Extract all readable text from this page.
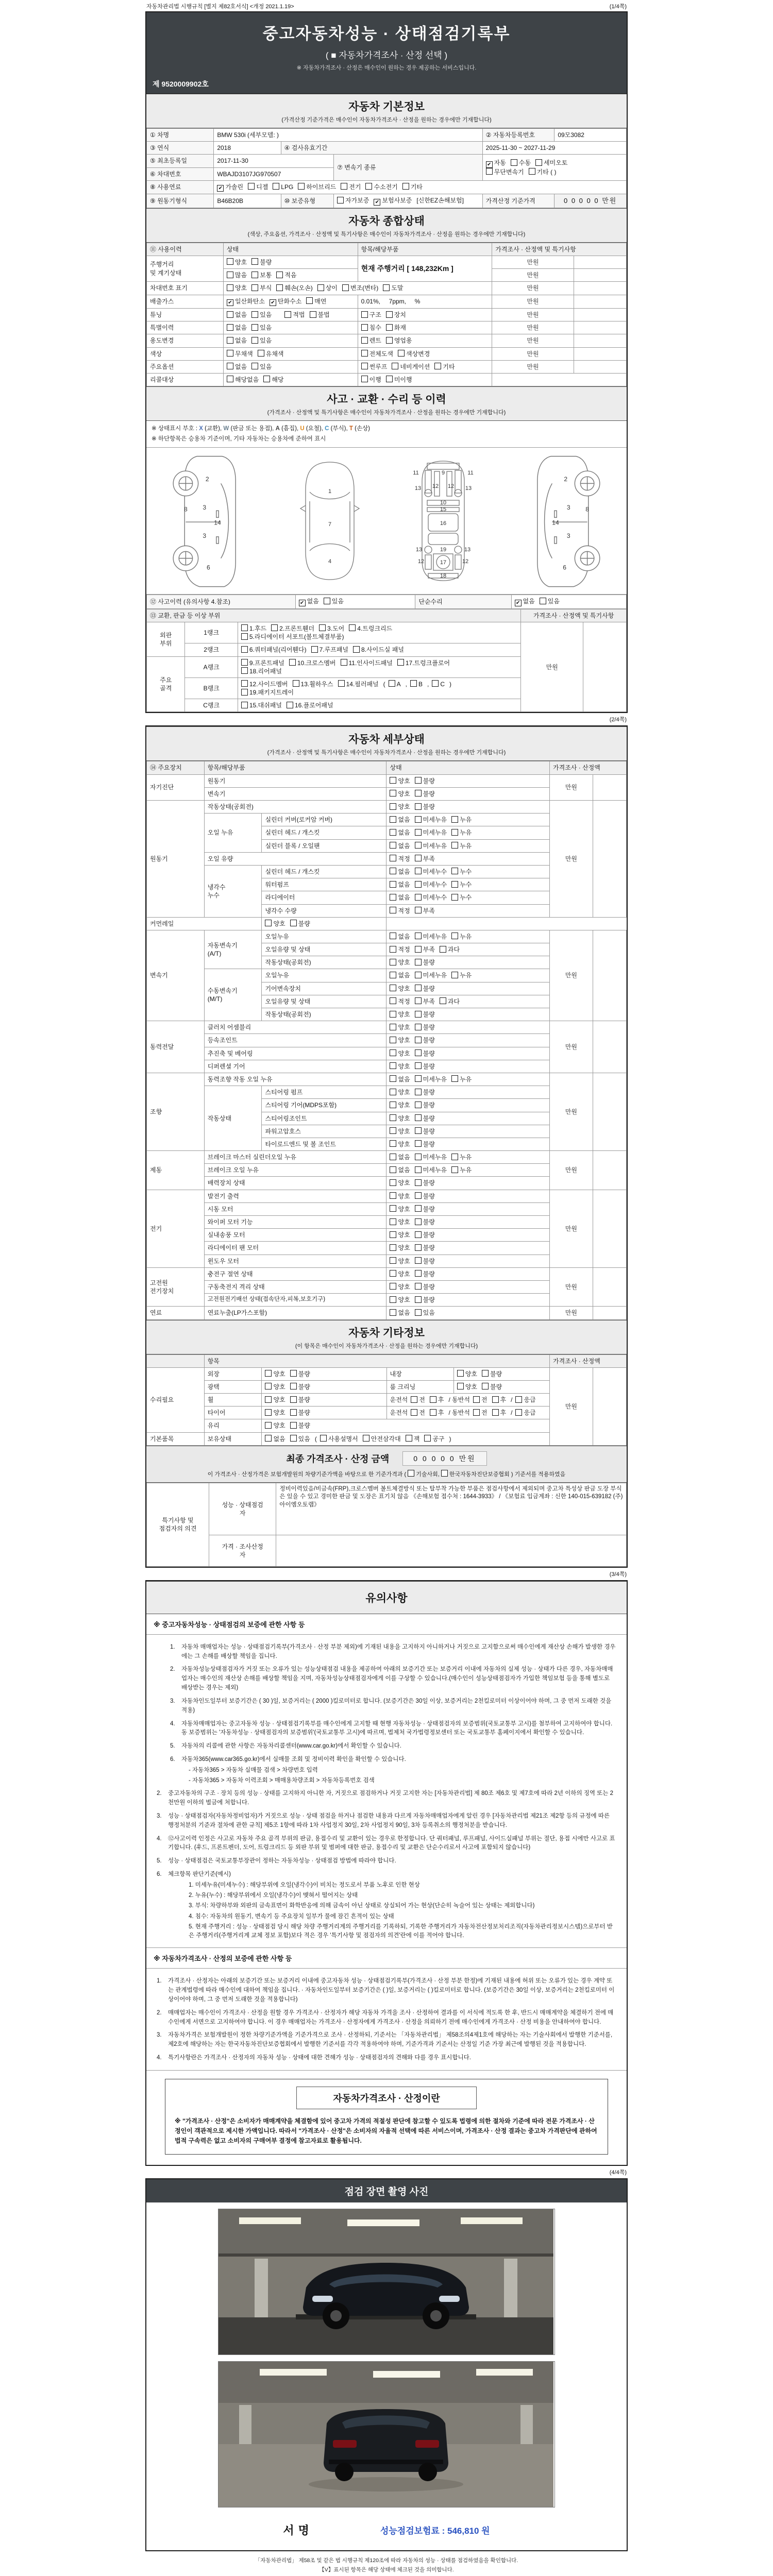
자동차관리법 시행규칙 [별지 제82호서식] <개정 2021.1.19>	(1/4쪽)
중고자동차성능 · 상태점검기록부
( ■ 자동차가격조사 · 산정 선택 )
※ 자동차가격조사 · 산정은 매수인이 원하는 경우 제공하는 서비스입니다.
제 9520009902호
자동차 기본정보
(가격산정 기준가격은 매수인이 자동차가격조사 · 산정을 원하는 경우에만 기재합니다)
① 차명	BMW 530i (세부모델: )			② 자동차등록번호	09모3082
③ 연식	2018	④ 검사유효기간		2025-11-30 ~ 2027-11-29	
⑤ 최초등록일	2017-11-30		⑦ 변속기 종류	✔ 자동 수동 세미오토
무단변속기 기타 ( )	
⑥ 차대번호	WBAJD3107JG970507				
⑧ 사용연료	✔ 가솔린 디젤 LPG 하이브리드 전기 수소전기 기타				
⑨ 원동기형식	B46B20B	⑩ 보증유형	자가보증 ✔ 보험사보증 [신한EZ손해보험]	가격산정 기준가격	0 0 0 0 0 만원
자동차 종합상태
(색상, 주요옵션, 가격조사 · 산정액 및 특기사항은 매수인이 자동차가격조사 · 산정을 원하는 경우에만 기재합니다)
⑪ 사용이력	상태	항목/해당부품	가격조사 · 산정액 및 특기사항	
주행거리
및 계기상태	양호 불량	현재 주행거리 [ 148,232Km ]	만원	
	많음 보통 적음		만원	
차대번호 표기	양호 부식 훼손(오손) 상이 변조(변타) 도말		만원	
배출가스	✔ 일산화탄소 ✔ 탄화수소 매연	0.01%,     7ppm,     %	만원	
튜닝	없음 있음 적법 불법	구조 장치	만원	
특별이력	없음 있음	침수 화재	만원	
용도변경	없음 있음	렌트 영업용	만원	
색상	무채색 유채색	전체도색 색상변경	만원	
주요옵션	없음 있음	썬루프 네비게이션 기타	만원	
리콜대상	해당없음 해당	이행 미이행		
사고 · 교환 · 수리 등 이력
(가격조사 · 산정액 및 특기사항은 매수인이 자동차가격조사 · 산정을 원하는 경우에만 기재합니다)
※ 상태표시 부호 : X (교환), W (판금 또는 용접), A (흠집), U (요철), C (부식), T (손상)
※ 하단항목은 승용차 기준이며, 기타 자동차는 승용차에 준하여 표시
2
8	3
14
3
6
1
7
4
11	9	11
13 12 12 13
10
15
16
13	19	13
12	17	12
18
2
8
3
14
3
6
⑫ 사고이력 (유의사항 4.참조)	✔ 없음 있음	단순수리	✔ 없음 있음
⑬ 교환, 판금 등 이상 부위			가격조사 · 산정액 및 특기사항	
외판
부위	1랭크	1.후드 2.프론트휀더 3.도어 4.트렁크리드
5.라디에이터 서포트(볼트체결부품)	만원	
	2랭크	6.쿼터패널(리어휀다) 7.루프패널 8.사이드실 패널		
주요
골격	A랭크	9.프론트패널 10.크로스멤버 11.인사이드패널 17.트렁크플로어
18.리어패널		
	B랭크	12.사이드멤버 13.휠하우스 14.필러패널 ( A , B , C )
19.패키지트레이		
	C랭크	15.대쉬패널 16.플로어패널		
(2/4쪽)
자동차 세부상태
(가격조사 · 산정액 및 특기사항은 매수인이 자동차가격조사 · 산정을 원하는 경우에만 기재합니다)
⑭ 주요장치	항목/해당부품		상태	가격조사 · 산정액	
자기진단	원동기		양호 불량	만원	
	변속기		양호 불량		
원동기	작동상태(공회전)		양호 불량	만원	
	오일 누유	실린더 커버(로커암 커버)	없음 미세누유 누유		
		실린더 헤드 / 개스킷	없음 미세누유 누유		
		실린더 블록 / 오일팬	없음 미세누유 누유		
	오일 유량		적정 부족		
	냉각수
누수	실린더 헤드 / 개스킷	없음 미세누수 누수		
		워터펌프	없음 미세누수 누수		
		라디에이터	없음 미세누수 누수		
		냉각수 수량	적정 부족		
커먼레일		양호 불량			
변속기	자동변속기
(A/T)	오일누유	없음 미세누유 누유	만원	
		오일유량 및 상태	적정 부족 과다		
		작동상태(공회전)	양호 불량		
	수동변속기
(M/T)	오일누유	없음 미세누유 누유		
		기어변속장치	양호 불량		
		오일유량 및 상태	적정 부족 과다		
		작동상태(공회전)	양호 불량		
동력전달	클러치 어셈블리		양호 불량	만원	
	등속조인트		양호 불량		
	추진축 및 베어링		양호 불량		
	디퍼렌셜 기어		양호 불량		
조향	동력조향 작동 오일 누유		없음 미세누유 누유	만원	
	작동상태	스티어링 펌프	양호 불량		
		스티어링 기어(MDPS포함)	양호 불량		
		스티어링조인트	양호 불량		
		파워고압호스	양호 불량		
		타이로드엔드 및 볼 조인트	양호 불량		
제동	브레이크 마스터 실린더오일 누유		없음 미세누유 누유	만원	
	브레이크 오일 누유		없음 미세누유 누유		
	배력장치 상태		양호 불량		
전기	발전기 출력		양호 불량	만원	
	시동 모터		양호 불량		
	와이퍼 모터 기능		양호 불량		
	실내송풍 모터		양호 불량		
	라디에이터 팬 모터		양호 불량		
	윈도우 모터		양호 불량		
고전원
전기장치	충전구 절연 상태		양호 불량	만원	
	구동축전지 격리 상태		양호 불량		
	고전원전기배선 상태(접속단자,피복,보호기구)		양호 불량		
연료	연료누출(LP가스포함)		없음 있음	만원	
자동차 기타정보
(이 항목은 매수인이 자동차가격조사 · 산정을 원하는 경우에만 기재합니다)
	항목				가격조사 · 산정액	
수리필요	외장	양호 불량	내장	양호 불량	만원	
	광택	양호 불량	룸 크리닝	양호 불량		
	휠	양호 불량	운전석 전 후 / 동반석 전 후 / 응급			
	타이어	양호 불량	운전석 전 후 / 동반석 전 후 / 응급			
	유리	양호 불량				
기본품목	보유상태	없음 있음 ( 사용설명서 안전삼각대 잭 공구 )				
최종 가격조사 · 산정 금액	0 0 0 0 0 만원
이 가격조사 · 산정가격은 보험개발원의 차량기준가액을 바탕으로 한 기준가격과 ( 기술사회, 한국자동차진단보증협회 ) 기준서를 적용하였음
특기사항 및
점검자의 의견	성능 · 상태점검
자	정비이력있음/비금속(FRP),크로스멤버 볼트체결방식 또는 탈부착 가능한 부품은 점검사항에서 제외되며 중고차 특성상 판금 도장 부식은 있을 수 있고 경미한 판금 및 도장은 표기치 않음 《손해보험 접수처 : 1644-3933》 / 《보험료 입금계좌 : 신한 140-015-639182 (주)아이엠오토랩》
	가격 · 조사산정
자	
(3/4쪽)
유의사항
※ 중고자동차성능 · 상태점검의 보증에 관한 사항 등
1.	자동차 매매업자는 성능 · 상태점검기록부(가격조사 · 산정 부분 제외)에 기재된 내용을 고지하지 아니하거나 거짓으로 고지함으로써 매수인에게 재산상 손해가 발생한 경우에는 그 손해를 배상할 책임을 집니다.
2.	자동차성능상태점검자가 거짓 또는 오류가 있는 성능상태점검 내용을 제공하여 아래의 보증기간 또는 보증거리 이내에 자동차의 실제 성능 · 상태가 다른 경우, 자동차매매업자는 매수인의 재산상 손해를 배상할 책임을 지며, 자동차성능상태점검자에게 이를 구상할 수 있습니다.(매수인이 성능상태점검자가 가입한 책임보험 등을 통해 별도로 배상받는 경우는 제외)
3.	자동차인도일부터 보증기간은 ( 30 )일, 보증거리는 ( 2000 )킬로미터로 합니다. (보증기간은 30일 이상, 보증거리는 2천킬로미터 이상이어야 하며, 그 중 먼저 도래한 것을 적용)
4.	자동차매매업자는 중고자동차 성능 · 상태점검기록부를 매수인에게 고지할 때 현행 자동차성능 · 상태점검자의 보증범위(국토교통부 고시)를 첨부하여 고지하여야 합니다. 동 보증범위는 '자동차성능 · 상태점검자의 보증범위'(국토교통부 고시)에 따르며, 법제처 국가법령정보센터 또는 국토교통부 홈페이지에서 확인할 수 있습니다.
5.	자동차의 리콜에 관한 사항은 자동차리콜센터(www.car.go.kr)에서 확인할 수 있습니다.
6.	자동차365(www.car365.go.kr)에서 실매물 조회 및 정비이력 확인을 확인할 수 있습니다.
- 자동차365 > 자동차 실매물 검색 > 차량번호 입력
- 자동차365 > 자동차 이력조회 > 매매용차량조회 > 자동차등록번호 검색
2.	중고자동차의 구조 · 장치 등의 성능 · 상태를 고지하지 아니한 자, 거짓으로 점검하거나 거짓 고지한 자는 [자동차관리법] 제 80조 제6호 및 제7호에 따라 2년 이하의 징역 또는 2천만원 이하의 벌금에 처합니다.
3.	성능 · 상태점검자(자동차정비업자)가 거짓으로 성능 · 상태 점검을 하거나 점검한 내용과 다르게 자동차매매업자에게 알린 경우 [자동차관리법 제21조 제2항 등의 규정에 따른 행정처분의 기준과 절차에 관한 규칙] 제5조 1항에 따라 1차 사업정지 30일, 2차 사업정지 90일, 3차 등록취소의 행정처분을 받습니다.
4.	⑫사고이력 인정은 사고로 자동차 주요 골격 부위의 판금, 용접수리 및 교환이 있는 경우로 한정합니다. 단 쿼터패널, 루프패널, 사이드실패널 부위는 절단, 용접 시에만 사고로 표기합니다. (후드, 프론트펜더, 도어, 트렁크리드 등 외판 부위 및 범퍼에 대한 판금, 용접수리 및 교환은 단순수리로서 사고에 포함되지 않습니다)
5.	성능 · 상태점검은 국토교통부장관이 정하는 자동차성능 · 상태점검 방법에 따라야 합니다.
6.	체크항목 판단기준(예시)
1. 미세누유(미세누수) : 해당부위에 오일(냉각수)이 비치는 정도로서 부품 노후로 인한 현상
2. 누유(누수) : 해당부위에서 오일(냉각수)이 맺혀서 떨어지는 상태
3. 부식: 차량하부와 외판의 금속표면이 화학반응에 의해 금속이 아닌 상태로 상실되어 가는 현상(단순히 녹슬어 있는 상태는 제외합니다)
4. 침수: 자동차의 원동기, 변속기 등 주요장치 일부가 물에 잠긴 흔적이 있는 상태
5. 현재 주행거리 : 성능 · 상태점검 당시 해당 차량 주행거리계의 주행거리를 기록하되, 기록한 주행거리가 자동차전산정보처리조직(자동차관리정보시스템)으로부터 받은 주행거리(주행거리계 교체 정보 포함)보다 적은 경우 '특기사항 및 점검자의 의견'란에 이를 적어야 합니다.
※ 자동차가격조사 · 산정의 보증에 관한 사항 등
1.	가격조사 · 산정자는 아래의 보증기간 또는 보증거리 이내에 중고자동차 성능 · 상태점검기록부(가격조사 · 산정 부분 한정)에 기재된 내용에 허위 또는 오류가 있는 경우 계약 또는 관계법령에 따라 매수인에 대하여 책임을 집니다. · 자동차인도일부터 보증기간은 ( )일, 보증거리는 ( )킬로미터로 합니다. (보증기간은 30일 이상, 보증거리는 2천킬로미터 이상이어야 하며, 그 중 먼저 도래한 것을 적용합니다)
2.	매매업자는 매수인이 가격조사 · 산정을 원할 경우 가격조사 · 산정자가 해당 자동차 가격을 조사 · 산정하여 결과를 이 서식에 적도록 한 후, 반드시 매매계약을 체결하기 전에 매수인에게 서면으로 고지하여야 합니다. 이 경우 매매업자는 가격조사 · 산정자에게 가격조사 · 산정을 의뢰하기 전에 매수인에게 가격조사 · 산정 비용을 안내하여야 합니다.
3.	자동차가격은 보험개발원이 정한 차량기준가액을 기준가격으로 조사 · 산정하되, 기준서는 「자동차관리법」 제58조의4제1호에 해당하는 자는 기술사회에서 발행한 기준서를, 제2호에 해당하는 자는 한국자동차진단보증협회에서 발행한 기준서를 각각 적용하여야 하며, 기준가격과 기준서는 산정일 기준 가장 최근에 발행된 것을 적용합니다.
4.	특기사항란은 가격조사 · 산정자의 자동차 성능 · 상태에 대한 견해가 성능 · 상태점검자의 견해와 다를 경우 표시합니다.
자동차가격조사 · 산정이란
※ "가격조사 · 산정"은 소비자가 매매계약을 체결함에 있어 중고차 가격의 적절성 판단에 참고할 수 있도록 법령에 의한 절차와 기준에 따라 전문 가격조사 · 산정인이 객관적으로 제시한 가액입니다. 따라서 "가격조사 · 산정"은 소비자의 자율적 선택에 따른 서비스이며, 가격조사 · 산정 결과는 중고차 가격판단에 관하여 법적 구속력은 없고 소비자의 구매여부 결정에 참고자료로 활용됩니다.
(4/4쪽)
점검 장면 촬영 사진
서명	성능점검보험료 : 546,810 원
「자동차관리법」 제58조 및 같은 법 시행규칙 제120조에 따라 자동차의 성능 · 상태를 점검하였음을 확인합니다.
【V】표시된 항목은 해당 상태에 체크된 것을 의미합니다.
